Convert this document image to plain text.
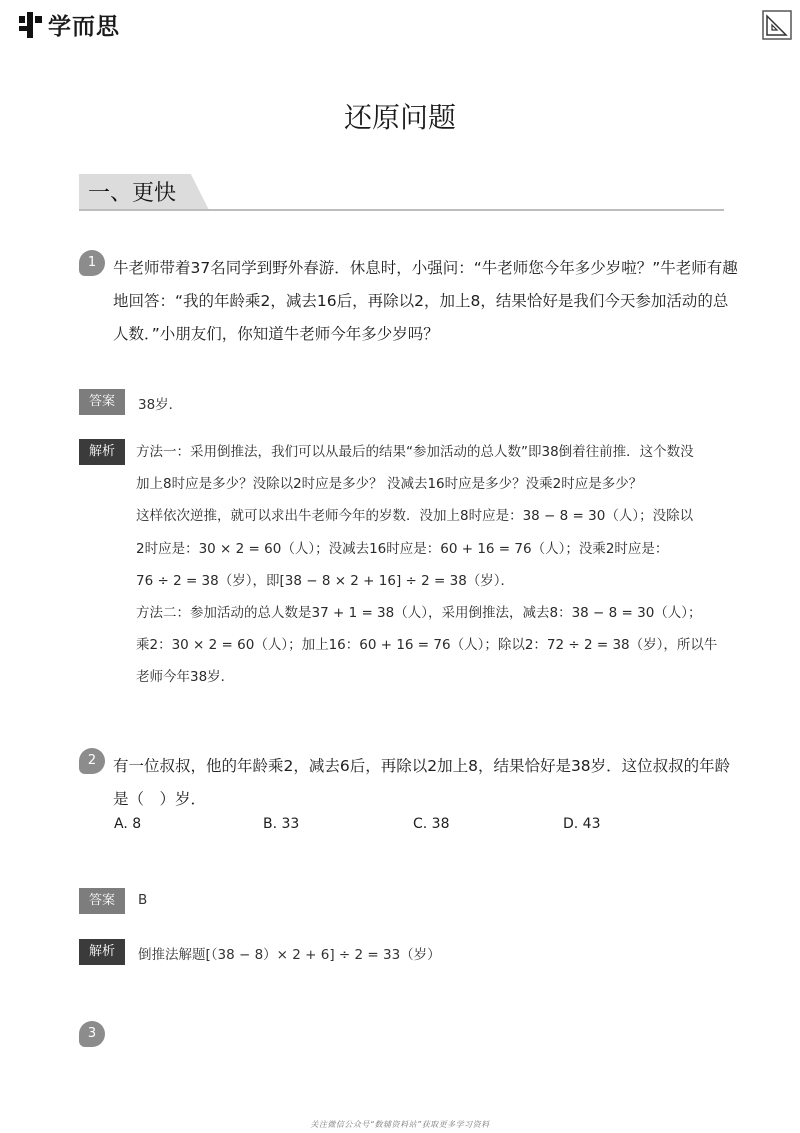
学而思
还原问题
一、更快
1	牛老师带着37名同学到野外春游．休息时，小强问：“牛老师您今年多少岁啦？”牛老师有趣

地回答：“我的年龄乘2，减去16后，再除以2，加上8，结果恰好是我们今天参加活动的总

人数．”小朋友们，你知道牛老师今年多少岁吗？

答案	38岁．
解析	方法一：采用倒推法，我们可以从最后的结果“参加活动的总人数”即38倒着往前推．这个数没

加上8时应是多少？没除以2时应是多少？ 没减去16时应是多少？没乘2时应是多少？

这样依次逆推，就可以求出牛老师今年的岁数．没加上8时应是：38 − 8 = 30（人）；没除以

2时应是：30 × 2 = 60（人）；没减去16时应是：60 + 16 = 76（人）；没乘2时应是：

76 ÷ 2 = 38（岁），即[38 − 8 × 2 + 16] ÷ 2 = 38（岁）．

方法二：参加活动的总人数是37 + 1 = 38（人），采用倒推法，减去8：38 − 8 = 30（人）；

乘2：30 × 2 = 60（人）；加上16：60 + 16 = 76（人）；除以2：72 ÷ 2 = 38（岁），所以牛

老师今年38岁．

2	有一位叔叔，他的年龄乘2，减去6后，再除以2加上8，结果恰好是38岁．这位叔叔的年龄

是（　）岁．

A. 8	B. 33	C. 38	D. 43
答案	B
解析	倒推法解题[（38 − 8）× 2 + 6] ÷ 2 = 33（岁）
3
关注微信公众号“数辅资料站”获取更多学习资料
